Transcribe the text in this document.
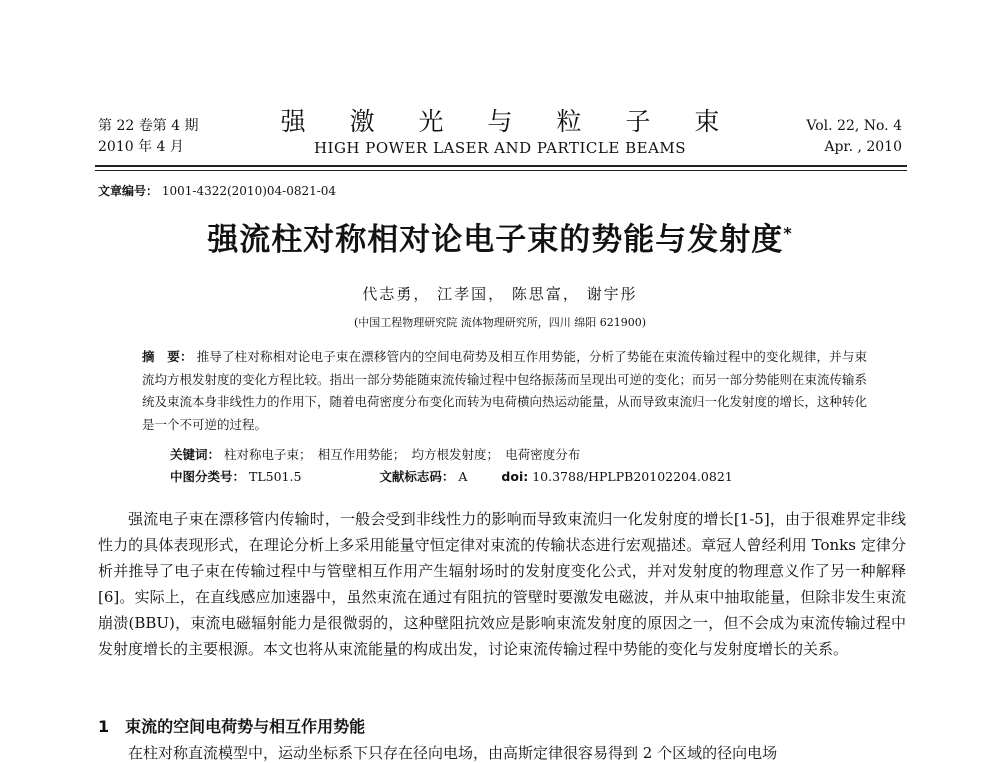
第 22 卷第 4 期
2010 年 4 月
强 激 光 与 粒 子 束
HIGH POWER LASER AND PARTICLE BEAMS
Vol. 22, No. 4
Apr. , 2010
文章编号： 1001-4322(2010)04-0821-04
强流柱对称相对论电子束的势能与发射度*
代志勇， 江孝国， 陈思富， 谢宇彤
(中国工程物理研究院 流体物理研究所，四川 绵阳 621900)
摘　要： 推导了柱对称相对论电子束在漂移管内的空间电荷势及相互作用势能，分析了势能在束流传输过程中的变化规律，并与束流均方根发射度的变化方程比较。指出一部分势能随束流传输过程中包络振荡而呈现出可逆的变化；而另一部分势能则在束流传输系统及束流本身非线性力的作用下，随着电荷密度分布变化而转为电荷横向热运动能量，从而导致束流归一化发射度的增长，这种转化是一个不可逆的过程。
关键词： 柱对称电子束；　相互作用势能；　均方根发射度；　电荷密度分布
中图分类号： TL501.5	文献标志码： A	doi: 10.3788/HPLPB20102204.0821

强流电子束在漂移管内传输时，一般会受到非线性力的影响而导致束流归一化发射度的增长[1-5]，由于很难界定非线性力的具体表现形式，在理论分析上多采用能量守恒定律对束流的传输状态进行宏观描述。章冠人曾经利用 Tonks 定律分析并推导了电子束在传输过程中与管壁相互作用产生辐射场时的发射度变化公式，并对发射度的物理意义作了另一种解释[6]。实际上，在直线感应加速器中，虽然束流在通过有阻抗的管壁时要激发电磁波，并从束中抽取能量，但除非发生束流崩溃(BBU)，束流电磁辐射能力是很微弱的，这种壁阻抗效应是影响束流发射度的原因之一，但不会成为束流传输过程中发射度增长的主要根源。本文也将从束流能量的构成出发，讨论束流传输过程中势能的变化与发射度增长的关系。

1　束流的空间电荷势与相互作用势能
在柱对称直流模型中，运动坐标系下只存在径向电场，由高斯定律很容易得到 2 个区域的径向电场
